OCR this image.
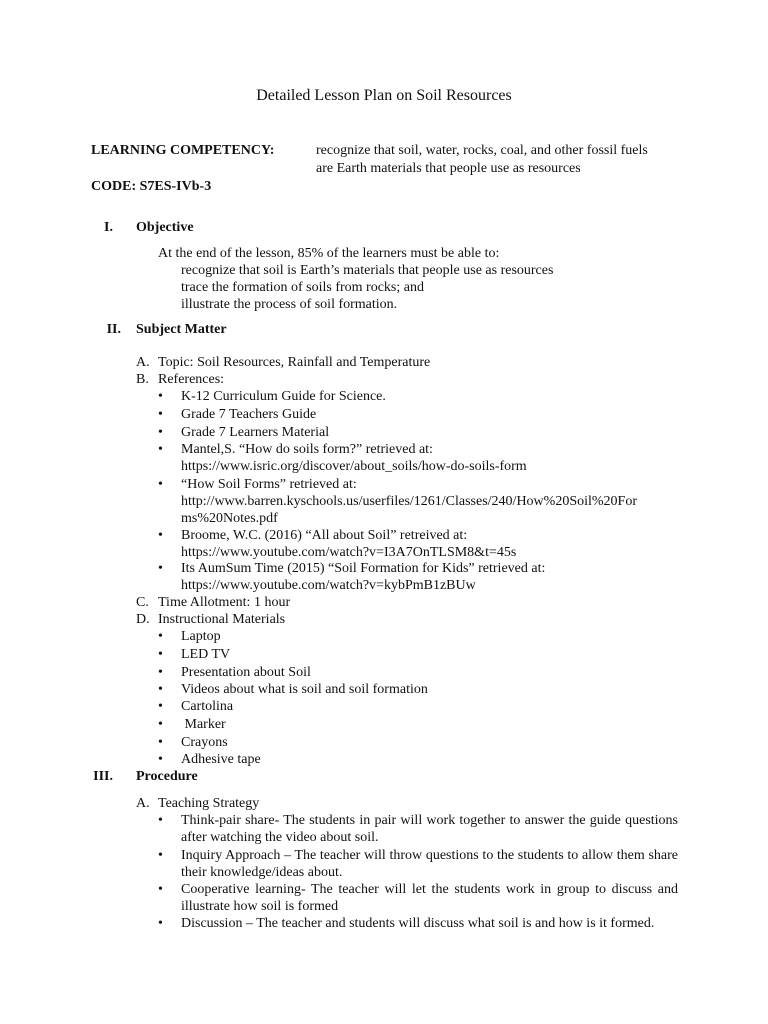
Detailed Lesson Plan on Soil Resources
LEARNING COMPETENCY:	recognize that soil, water, rocks, coal, and other fossil fuels
are Earth materials that people use as resources
CODE: S7ES-IVb-3
I. Objective
At the end of the lesson, 85% of the learners must be able to:
recognize that soil is Earth’s materials that people use as resources
trace the formation of soils from rocks; and
illustrate the process of soil formation.
II. Subject Matter
A. Topic: Soil Resources, Rainfall and Temperature
B. References:
• K-12 Curriculum Guide for Science.
• Grade 7 Teachers Guide
• Grade 7 Learners Material
• Mantel,S. “How do soils form?” retrieved at:
https://www.isric.org/discover/about_soils/how-do-soils-form
• “How Soil Forms” retrieved at:
http://www.barren.kyschools.us/userfiles/1261/Classes/240/How%20Soil%20For
ms%20Notes.pdf
• Broome, W.C. (2016) “All about Soil” retreived at:
https://www.youtube.com/watch?v=I3A7OnTLSM8&t=45s
• Its AumSum Time (2015) “Soil Formation for Kids” retrieved at:
https://www.youtube.com/watch?v=kybPmB1zBUw
C. Time Allotment: 1 hour
D. Instructional Materials
• Laptop
• LED TV
• Presentation about Soil
• Videos about what is soil and soil formation
• Cartolina
• Marker
• Crayons
• Adhesive tape
III. Procedure
A. Teaching Strategy
• Think-pair share- The students in pair will work together to answer the guide questions after watching the video about soil.
• Inquiry Approach – The teacher will throw questions to the students to allow them share their knowledge/ideas about.
• Cooperative learning- The teacher will let the students work in group to discuss and illustrate how soil is formed
• Discussion – The teacher and students will discuss what soil is and how is it formed.
